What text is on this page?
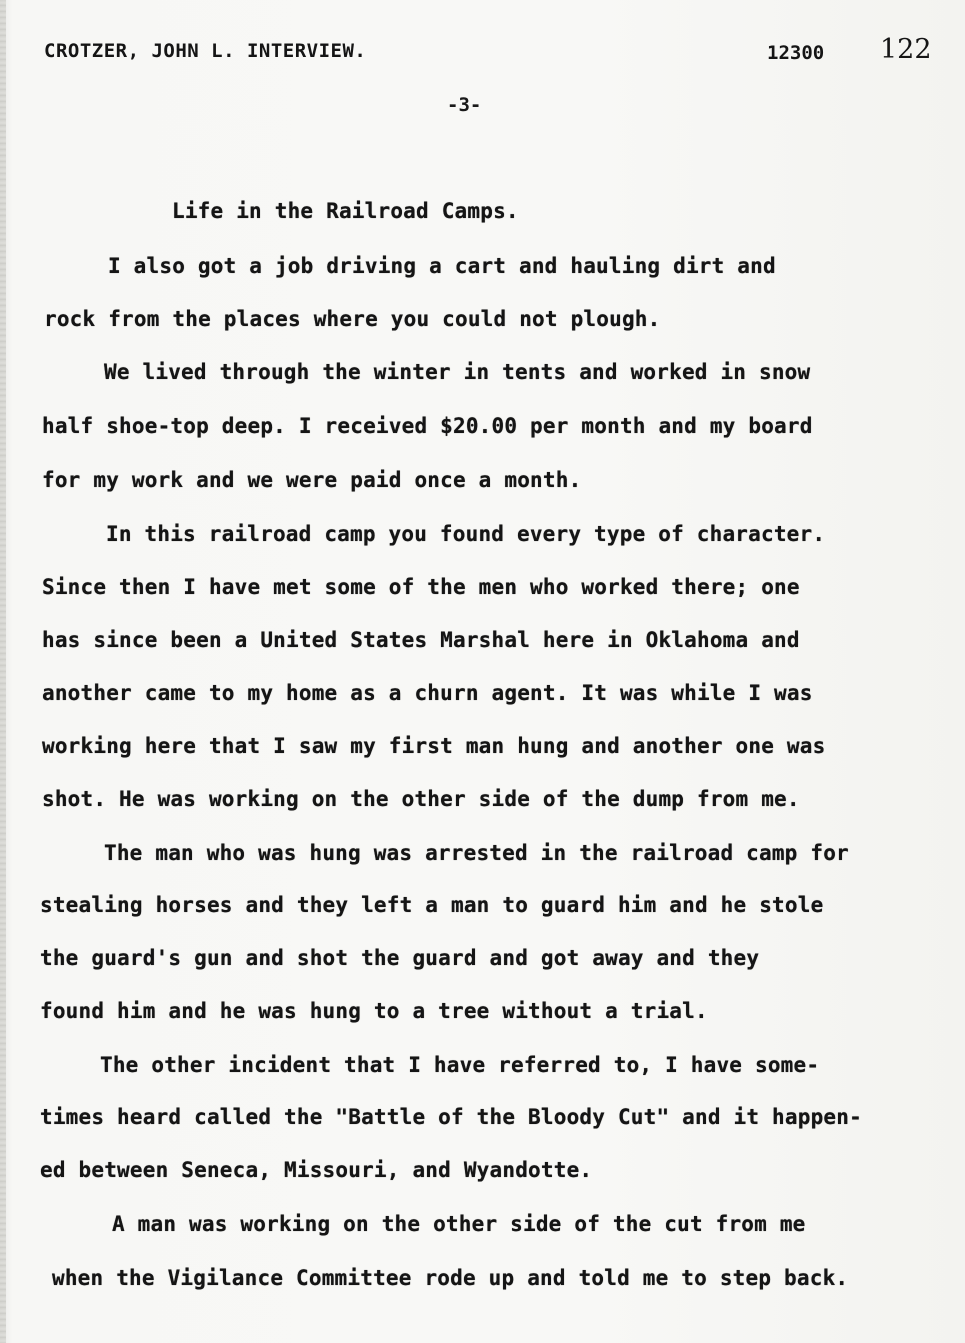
CROTZER, JOHN L. INTERVIEW.	12300 122
-3-
Life in the Railroad Camps.
I also got a job driving a cart and hauling dirt and
rock from the places where you could not plough.
We lived through the winter in tents and worked in snow
half shoe-top deep. I received $20.00 per month and my board
for my work and we were paid once a month.
In this railroad camp you found every type of character.
Since then I have met some of the men who worked there; one
has since been a United States Marshal here in Oklahoma and
another came to my home as a churn agent. It was while I was
working here that I saw my first man hung and another one was
shot. He was working on the other side of the dump from me.
The man who was hung was arrested in the railroad camp for
stealing horses and they left a man to guard him and he stole
the guard's gun and shot the guard and got away and they
found him and he was hung to a tree without a trial.
The other incident that I have referred to, I have some-
times heard called the "Battle of the Bloody Cut" and it happen-
ed between Seneca, Missouri, and Wyandotte.
A man was working on the other side of the cut from me
when the Vigilance Committee rode up and told me to step back.
